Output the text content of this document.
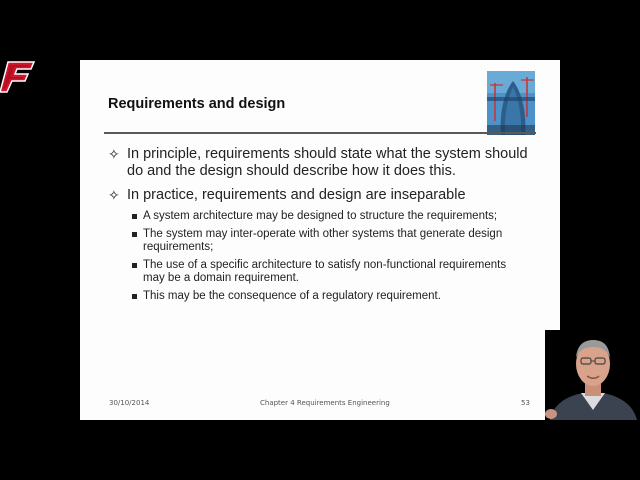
Requirements and design
✧ In principle, requirements should state what the system should do and the design should describe how it does this.
✧ In practice, requirements and design are inseparable
A system architecture may be designed to structure the requirements;
The system may inter-operate with other systems that generate design requirements;
The use of a specific architecture to satisfy non-functional requirements may be a domain requirement.
This may be the consequence of a regulatory requirement.
30/10/2014	Chapter 4 Requirements Engineering	53
